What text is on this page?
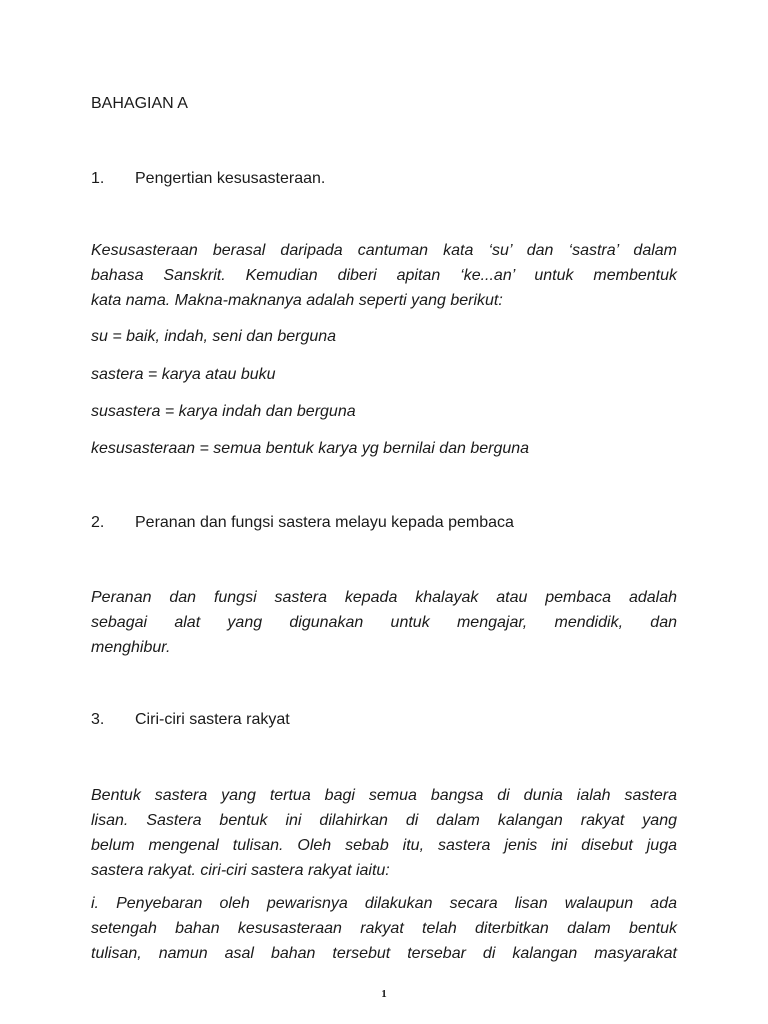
BAHAGIAN A
1. Pengertian kesusasteraan.
Kesusasteraan berasal daripada cantuman kata ‘su’ dan ‘sastra’ dalam
bahasa Sanskrit. Kemudian diberi apitan ‘ke...an’ untuk membentuk
kata nama. Makna-maknanya adalah seperti yang berikut:
su = baik, indah, seni dan berguna
sastera = karya atau buku
susastera = karya indah dan berguna
kesusasteraan = semua bentuk karya yg bernilai dan berguna
2. Peranan dan fungsi sastera melayu kepada pembaca
Peranan dan fungsi sastera kepada khalayak atau pembaca adalah
sebagai alat yang digunakan untuk mengajar, mendidik, dan
menghibur.
3. Ciri-ciri sastera rakyat
Bentuk sastera yang tertua bagi semua bangsa di dunia ialah sastera
lisan. Sastera bentuk ini dilahirkan di dalam kalangan rakyat yang
belum mengenal tulisan. Oleh sebab itu, sastera jenis ini disebut juga
sastera rakyat. ciri-ciri sastera rakyat iaitu:
i. Penyebaran oleh pewarisnya dilakukan secara lisan walaupun ada
setengah bahan kesusasteraan rakyat telah diterbitkan dalam bentuk
tulisan, namun asal bahan tersebut tersebar di kalangan masyarakat
1
